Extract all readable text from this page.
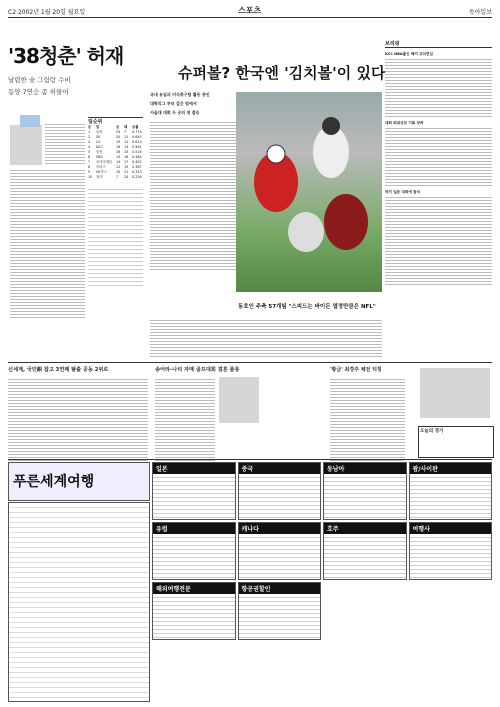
C2 2002년 1월 20일 월요일	스포츠	동아일보
'38청춘' 허재
날렵한 슛 그림랑 수비
동양 7연승 좀 허물어
팀순위
순	팀	승	패	승률
1	동양	24	7	0.774
2	SK	20	11	0.645
3	LG	19	12	0.613
4	KCC	18	13	0.581
5	삼성	16	15	0.516
6	SBS	15	16	0.484
7	코리아텐더	14	17	0.452
8	모비스	12	19	0.387
9	SK빅스	10	21	0.323
10	현대	7	24	0.226
슈퍼볼? 한국엔 '김치볼'이 있다
국내 유일의 미식축구팀 활동 중인
대학리그 부터 같은 팀에서
서울대 대회 두 곳의 첫 결승
브리핑
KCC NBA출신 해커 코치연임
대회 최대규모 기록 장려
하키 일본 대회에 참석
동호인 주축 57개팀 "스피드는 바이든 열정만큼은 NFL"
신세계, 국민銀 잡고 3연패 탈출 공동 2위로	송어라-나리 자매 골프대회 결혼 플릉	'황금' 최경주 체전 티칭
오늘의 경기
푸른세계여행
일본	중국	동남아	괌/사이판
유럽	캐나다	호주	여행사
해외여행전문	항공권할인
